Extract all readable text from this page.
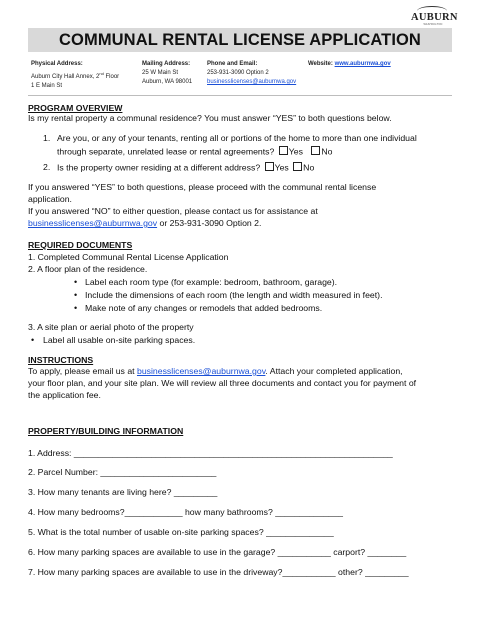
AUBURN
WASHINGTON
COMMUNAL RENTAL LICENSE APPLICATION
Physical Address:
Auburn City Hall Annex, 2nd Floor
1 E Main St
Mailing Address:
25 W Main St
Auburn, WA 98001
Phone and Email:
253-931-3090 Option 2
businesslicenses@auburnwa.gov
Website: www.auburnwa.gov
PROGRAM OVERVIEW
Is my rental property a communal residence? You must answer “YES” to both questions below.
1. Are you, or any of your tenants, renting all or portions of the home to more than one individual
through separate, unrelated lease or rental agreements? Yes No
2. Is the property owner residing at a different address? Yes No
If you answered “YES” to both questions, please proceed with the communal rental license
application.
If you answered “NO” to either question, please contact us for assistance at
businesslicenses@auburnwa.gov or 253-931-3090 Option 2.
REQUIRED DOCUMENTS
1. Completed Communal Rental License Application
2. A floor plan of the residence.
• Label each room type (for example: bedroom, bathroom, garage).
• Include the dimensions of each room (the length and width measured in feet).
• Make note of any changes or remodels that added bedrooms.
3. A site plan or aerial photo of the property
• Label all usable on-site parking spaces.
INSTRUCTIONS
To apply, please email us at businesslicenses@auburnwa.gov. Attach your completed application,
your floor plan, and your site plan. We will review all three documents and contact you for payment of
the application fee.
PROPERTY/BUILDING INFORMATION
1. Address: __________________________________________________________________
2. Parcel Number: ________________________
3. How many tenants are living here? _________
4. How many bedrooms?____________ how many bathrooms? ______________
5. What is the total number of usable on-site parking spaces? ______________
6. How many parking spaces are available to use in the garage? ___________ carport? ________
7. How many parking spaces are available to use in the driveway?___________ other? _________
